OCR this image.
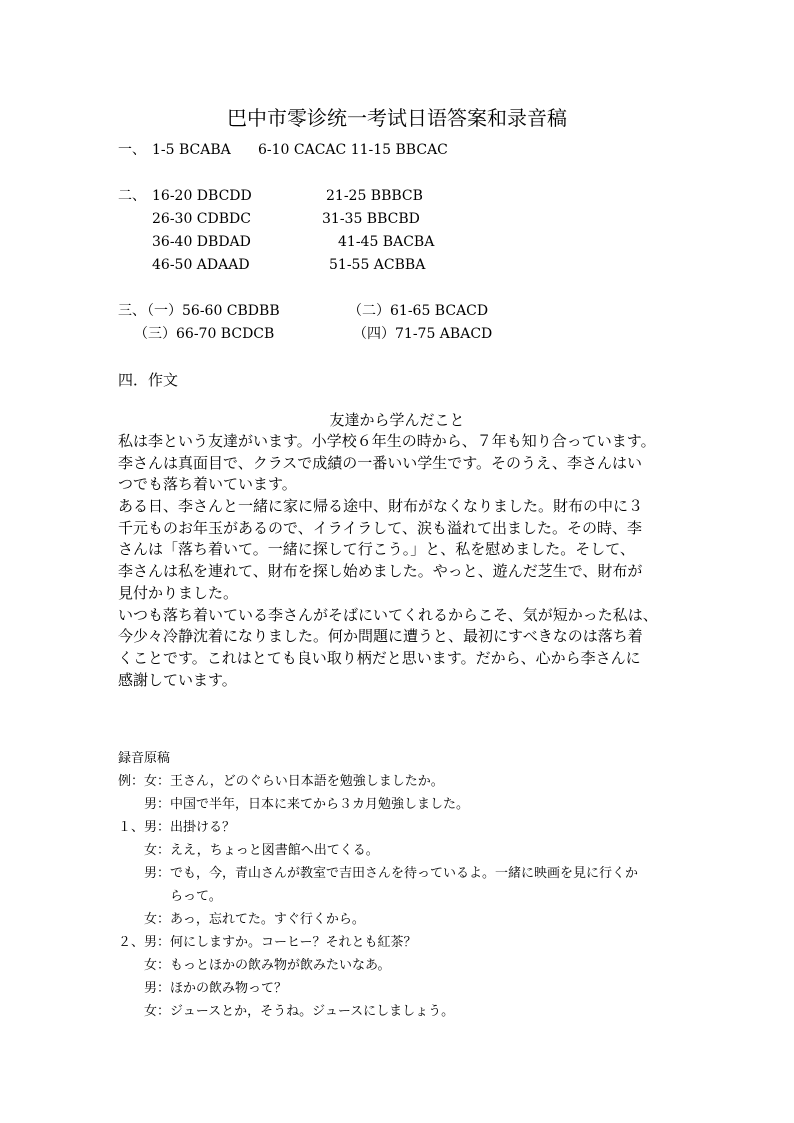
巴中市零诊统一考试日语答案和录音稿
一、 1-5 BCABA 6-10 CACAC 11-15 BBCAC
二、 16-20 DBCDD	21-25 BBBCB
26-30 CDBDC	31-35 BBCBD
36-40 DBDAD	41-45 BACBA
46-50 ADAAD	51-55 ACBBA
三、
（一）56-60 CBDBB	（二）61-65 BCACD
（三）66-70 BCDCB	（四）71-75 ABACD
四．作文
友達から学んだこと
私は李という友達がいます。小学校６年生の時から、７年も知り合っています。
李さんは真面目で、クラスで成績の一番いい学生です。そのうえ、李さんはい
つでも落ち着いています。
ある日、李さんと一緒に家に帰る途中、財布がなくなりました。財布の中に３
千元ものお年玉があるので、イライラして、涙も溢れて出ました。その時、李
さんは「落ち着いて。一緒に探して行こう。」と、私を慰めました。そして、
李さんは私を連れて、財布を探し始めました。やっと、遊んだ芝生で、財布が
見付かりました。
いつも落ち着いている李さんがそばにいてくれるからこそ、気が短かった私は、
今少々冷静沈着になりました。何か問題に遭うと、最初にすべきなのは落ち着
くことです。これはとても良い取り柄だと思います。だから、心から李さんに
感謝しています。
録音原稿
例：女：王さん，どのぐらい日本語を勉強しましたか。
　　男：中国で半年，日本に来てから３カ月勉強しました。
１、男：出掛ける？
　　女：ええ，ちょっと図書館へ出てくる。
　　男：でも，今，青山さんが教室で吉田さんを待っているよ。一緒に映画を見に行くか
　　　　らって。
　　女：あっ，忘れてた。すぐ行くから。
２、男：何にしますか。コーヒー？それとも紅茶？
　　女：もっとほかの飲み物が飲みたいなあ。
　　男：ほかの飲み物って？
　　女：ジュースとか，そうね。ジュースにしましょう。
